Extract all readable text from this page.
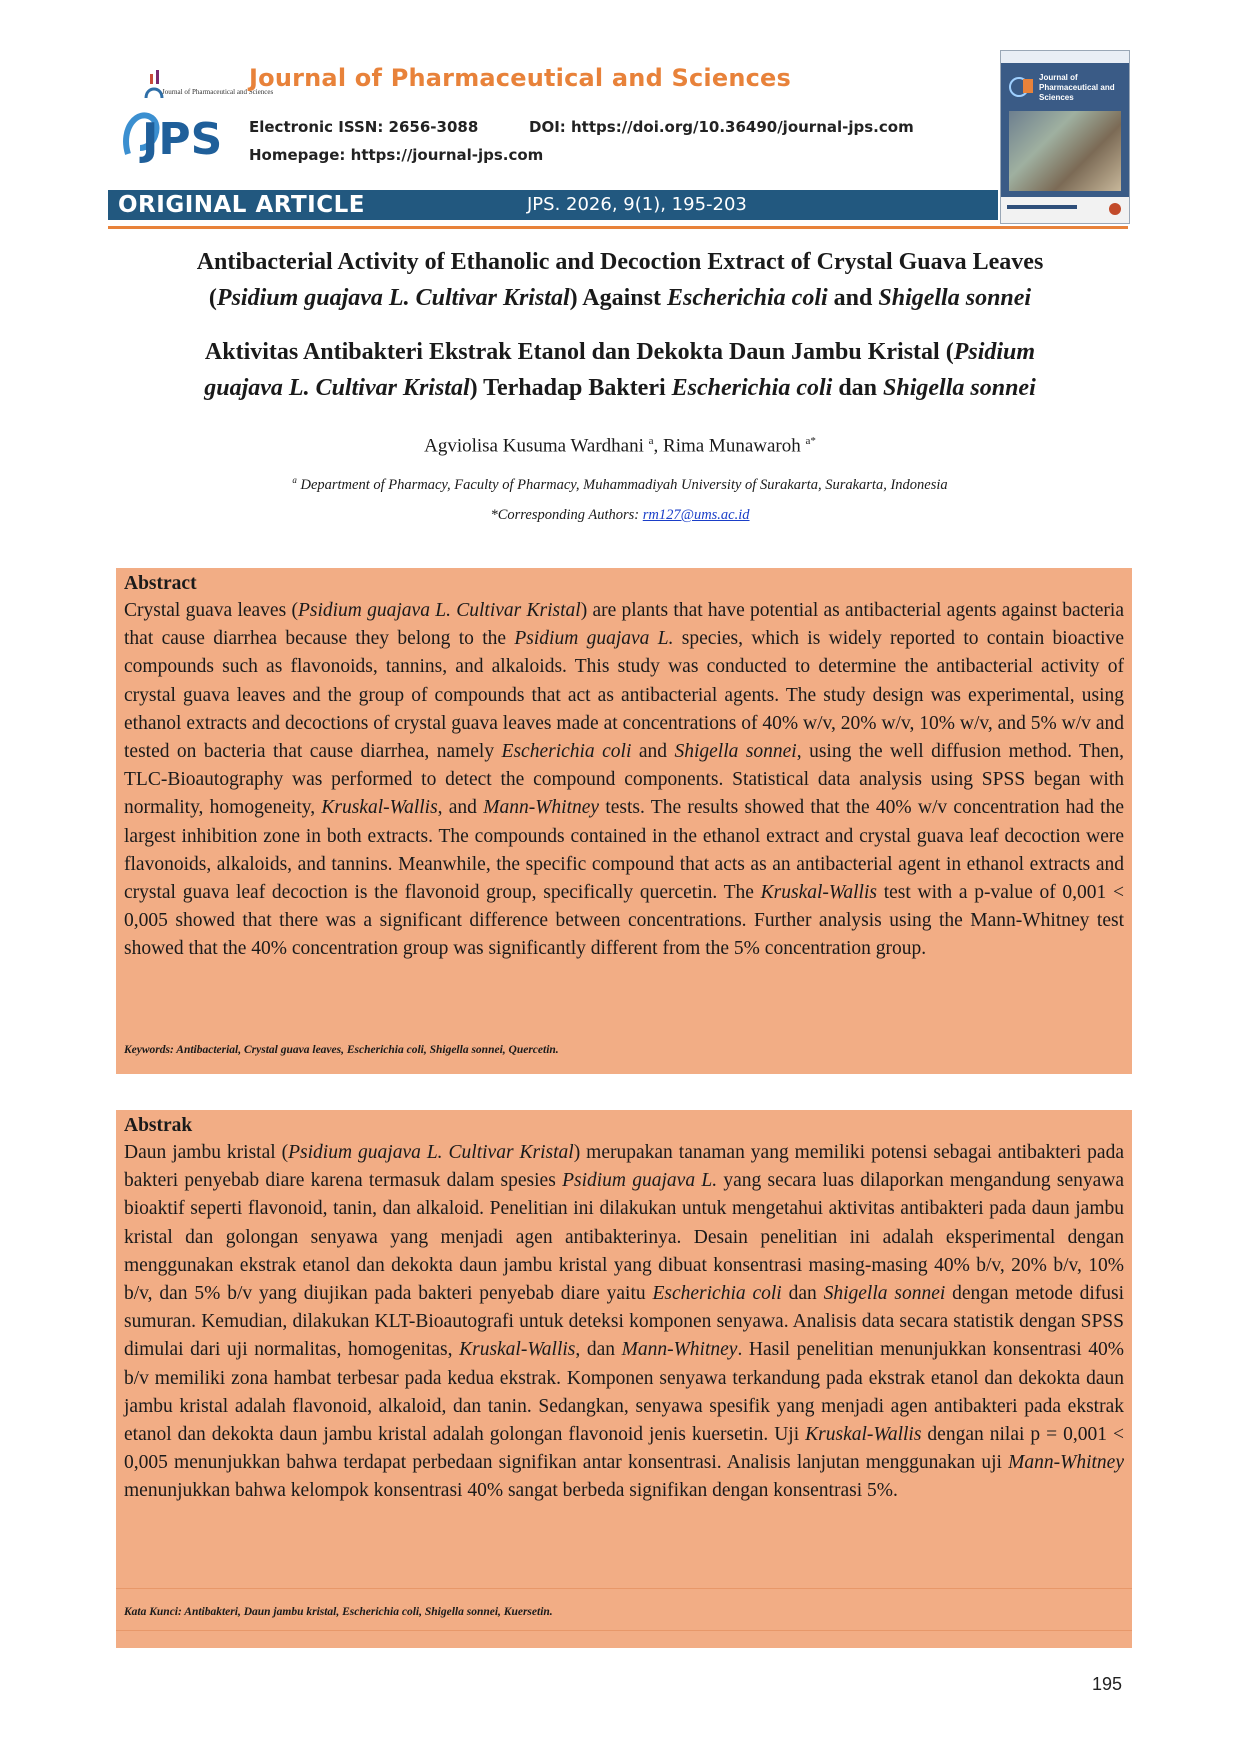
JPS
Journal of Pharmaceutical and Sciences
Journal of Pharmaceutical and Sciences
Electronic ISSN: 2656-3088	DOI: https://doi.org/10.36490/journal-jps.com
Homepage: https://journal-jps.com
Journal of Pharmaceutical and Sciences
ORIGINAL ARTICLE	JPS. 2026, 9(1), 195-203
Antibacterial Activity of Ethanolic and Decoction Extract of Crystal Guava Leaves
(Psidium guajava L. Cultivar Kristal) Against Escherichia coli and Shigella sonnei
Aktivitas Antibakteri Ekstrak Etanol dan Dekokta Daun Jambu Kristal (Psidium
guajava L. Cultivar Kristal) Terhadap Bakteri Escherichia coli dan Shigella sonnei
Agviolisa Kusuma Wardhani $^a$, Rima Munawaroh $^{a*}$
$^a$ Department of Pharmacy, Faculty of Pharmacy, Muhammadiyah University of Surakarta, Surakarta, Indonesia
*Corresponding Authors: rm127@ums.ac.id
Abstract
Crystal guava leaves (Psidium guajava L. Cultivar Kristal) are plants that have potential as antibacterial agents against bacteria that cause diarrhea because they belong to the Psidium guajava L. species, which is widely reported to contain bioactive compounds such as flavonoids, tannins, and alkaloids. This study was conducted to determine the antibacterial activity of crystal guava leaves and the group of compounds that act as antibacterial agents. The study design was experimental, using ethanol extracts and decoctions of crystal guava leaves made at concentrations of 40% w/v, 20% w/v, 10% w/v, and 5% w/v and tested on bacteria that cause diarrhea, namely Escherichia coli and Shigella sonnei, using the well diffusion method. Then, TLC-Bioautography was performed to detect the compound components. Statistical data analysis using SPSS began with normality, homogeneity, Kruskal-Wallis, and Mann-Whitney tests. The results showed that the 40% w/v concentration had the largest inhibition zone in both extracts. The compounds contained in the ethanol extract and crystal guava leaf decoction were flavonoids, alkaloids, and tannins. Meanwhile, the specific compound that acts as an antibacterial agent in ethanol extracts and crystal guava leaf decoction is the flavonoid group, specifically quercetin. The Kruskal-Wallis test with a p-value of 0,001 < 0,005 showed that there was a significant difference between concentrations. Further analysis using the Mann-Whitney test showed that the 40% concentration group was significantly different from the 5% concentration group.
Keywords: Antibacterial, Crystal guava leaves, Escherichia coli, Shigella sonnei, Quercetin.
Abstrak
Daun jambu kristal (Psidium guajava L. Cultivar Kristal) merupakan tanaman yang memiliki potensi sebagai antibakteri pada bakteri penyebab diare karena termasuk dalam spesies Psidium guajava L. yang secara luas dilaporkan mengandung senyawa bioaktif seperti flavonoid, tanin, dan alkaloid. Penelitian ini dilakukan untuk mengetahui aktivitas antibakteri pada daun jambu kristal dan golongan senyawa yang menjadi agen antibakterinya. Desain penelitian ini adalah eksperimental dengan menggunakan ekstrak etanol dan dekokta daun jambu kristal yang dibuat konsentrasi masing-masing 40% b/v, 20% b/v, 10% b/v, dan 5% b/v yang diujikan pada bakteri penyebab diare yaitu Escherichia coli dan Shigella sonnei dengan metode difusi sumuran. Kemudian, dilakukan KLT-Bioautografi untuk deteksi komponen senyawa. Analisis data secara statistik dengan SPSS dimulai dari uji normalitas, homogenitas, Kruskal-Wallis, dan Mann-Whitney. Hasil penelitian menunjukkan konsentrasi 40% b/v memiliki zona hambat terbesar pada kedua ekstrak. Komponen senyawa terkandung pada ekstrak etanol dan dekokta daun jambu kristal adalah flavonoid, alkaloid, dan tanin. Sedangkan, senyawa spesifik yang menjadi agen antibakteri pada ekstrak etanol dan dekokta daun jambu kristal adalah golongan flavonoid jenis kuersetin. Uji Kruskal-Wallis dengan nilai p = 0,001 < 0,005 menunjukkan bahwa terdapat perbedaan signifikan antar konsentrasi. Analisis lanjutan menggunakan uji Mann-Whitney menunjukkan bahwa kelompok konsentrasi 40% sangat berbeda signifikan dengan konsentrasi 5%.
Kata Kunci: Antibakteri, Daun jambu kristal, Escherichia coli, Shigella sonnei, Kuersetin.
195
